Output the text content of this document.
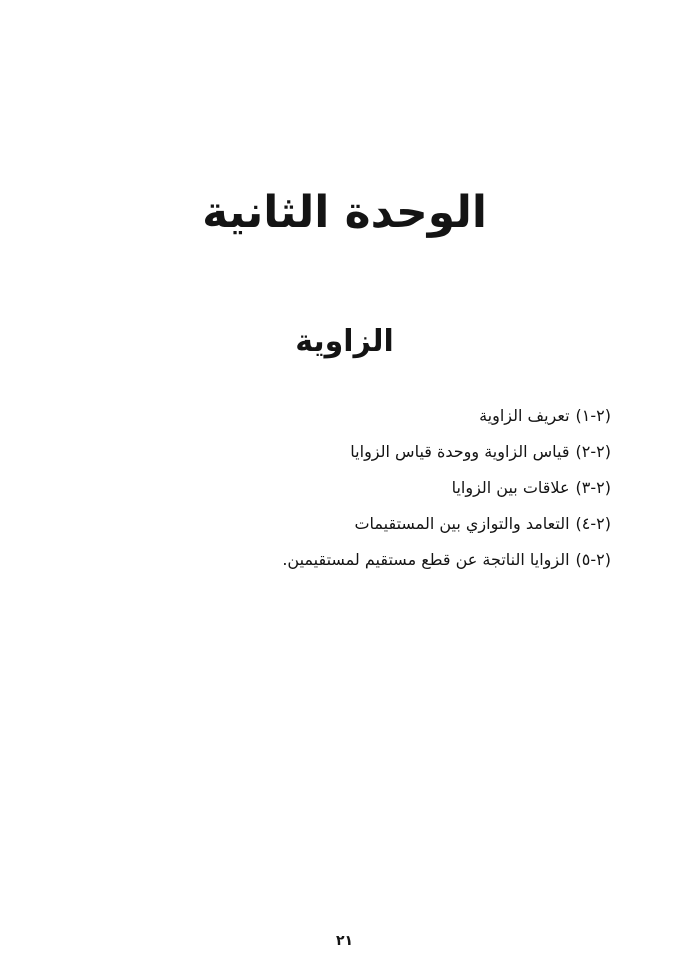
الوحدة الثانية
الزاوية
(٢-١)تعريف الزاوية
(٢-٢)قياس الزاوية ووحدة قياس الزوايا
(٢-٣)علاقات بين الزوايا
(٢-٤)التعامد والتوازي بين المستقيمات
(٢-٥)الزوايا الناتجة عن قطع مستقيم لمستقيمين.
٢١
